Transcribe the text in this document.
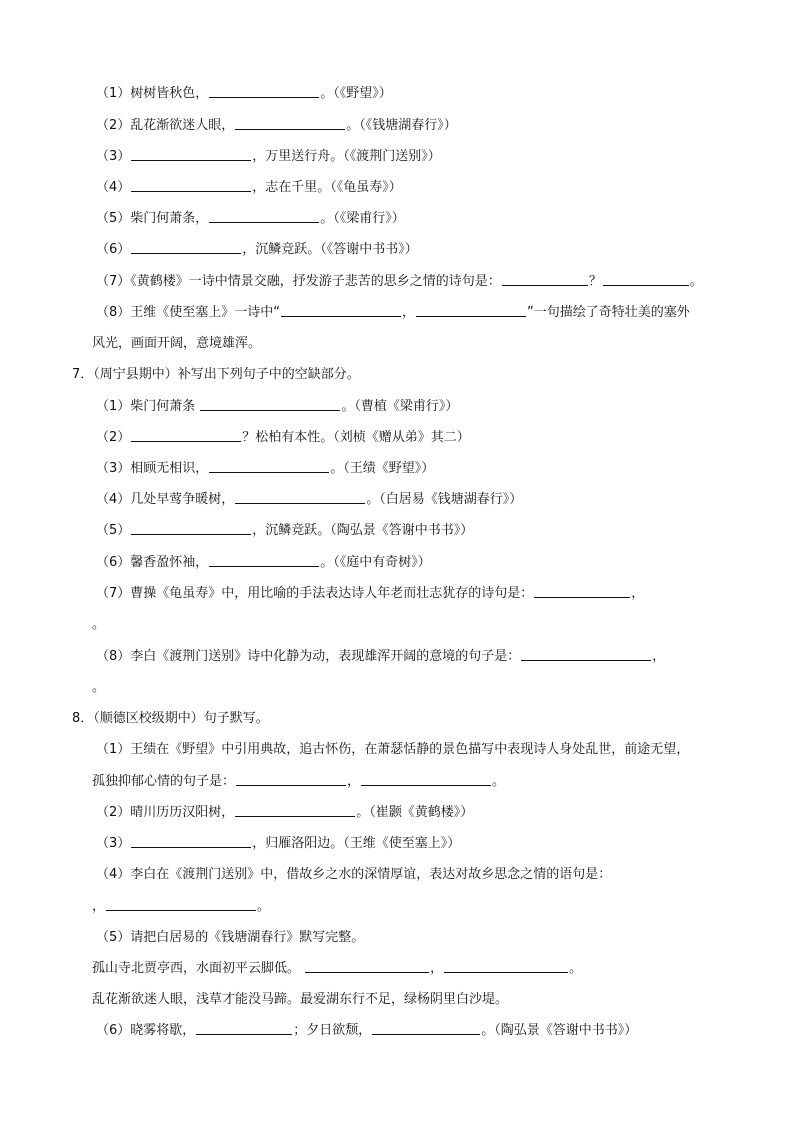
（1）树树皆秋色，	。（《野望》）
（2）乱花渐欲迷人眼，	。（《钱塘湖春行》）
（3）	，万里送行舟。（《渡荆门送别》）
（4）	，志在千里。（《龟虽寿》）
（5）柴门何萧条，	。（《梁甫行》）
（6）	，沉鳞竞跃。（《答谢中书书》）
（7）《黄鹤楼》一诗中情景交融，抒发游子悲苦的思乡之情的诗句是：	？	。
（8）王维《使至塞上》一诗中“	，	”一句描绘了奇特壮美的塞外
风光，画面开阔，意境雄浑。
7．（周宁县期中）补写出下列句子中的空缺部分。
（1）柴门何萧条	。（曹植《梁甫行》）
（2）	？松柏有本性。（刘桢《赠从弟》其二）
（3）相顾无相识，	。（王绩《野望》）
（4）几处早莺争暖树，	。（白居易《钱塘湖春行》）
（5）	，沉鳞竞跃。（陶弘景《答谢中书书》）
（6）馨香盈怀袖，	。（《庭中有奇树》）
（7）曹操《龟虽寿》中，用比喻的手法表达诗人年老而壮志犹存的诗句是：	，
。
（8）李白《渡荆门送别》诗中化静为动，表现雄浑开阔的意境的句子是：	，
。
8．（顺德区校级期中）句子默写。
（1）王绩在《野望》中引用典故，追古怀伤，在萧瑟恬静的景色描写中表现诗人身处乱世，前途无望，
孤独抑郁心情的句子是：	，	。
（2）晴川历历汉阳树，	。（崔颢《黄鹤楼》）
（3）	，归雁洛阳边。（王维《使至塞上》）
（4）李白在《渡荆门送别》中，借故乡之水的深情厚谊，表达对故乡思念之情的语句是：
，	。
（5）请把白居易的《钱塘湖春行》默写完整。
孤山寺北贾亭西，水面初平云脚低。	，	。
乱花渐欲迷人眼，浅草才能没马蹄。最爱湖东行不足，绿杨阴里白沙堤。
（6）晓雾将歇，	；夕日欲颓，	。（陶弘景《答谢中书书》）
